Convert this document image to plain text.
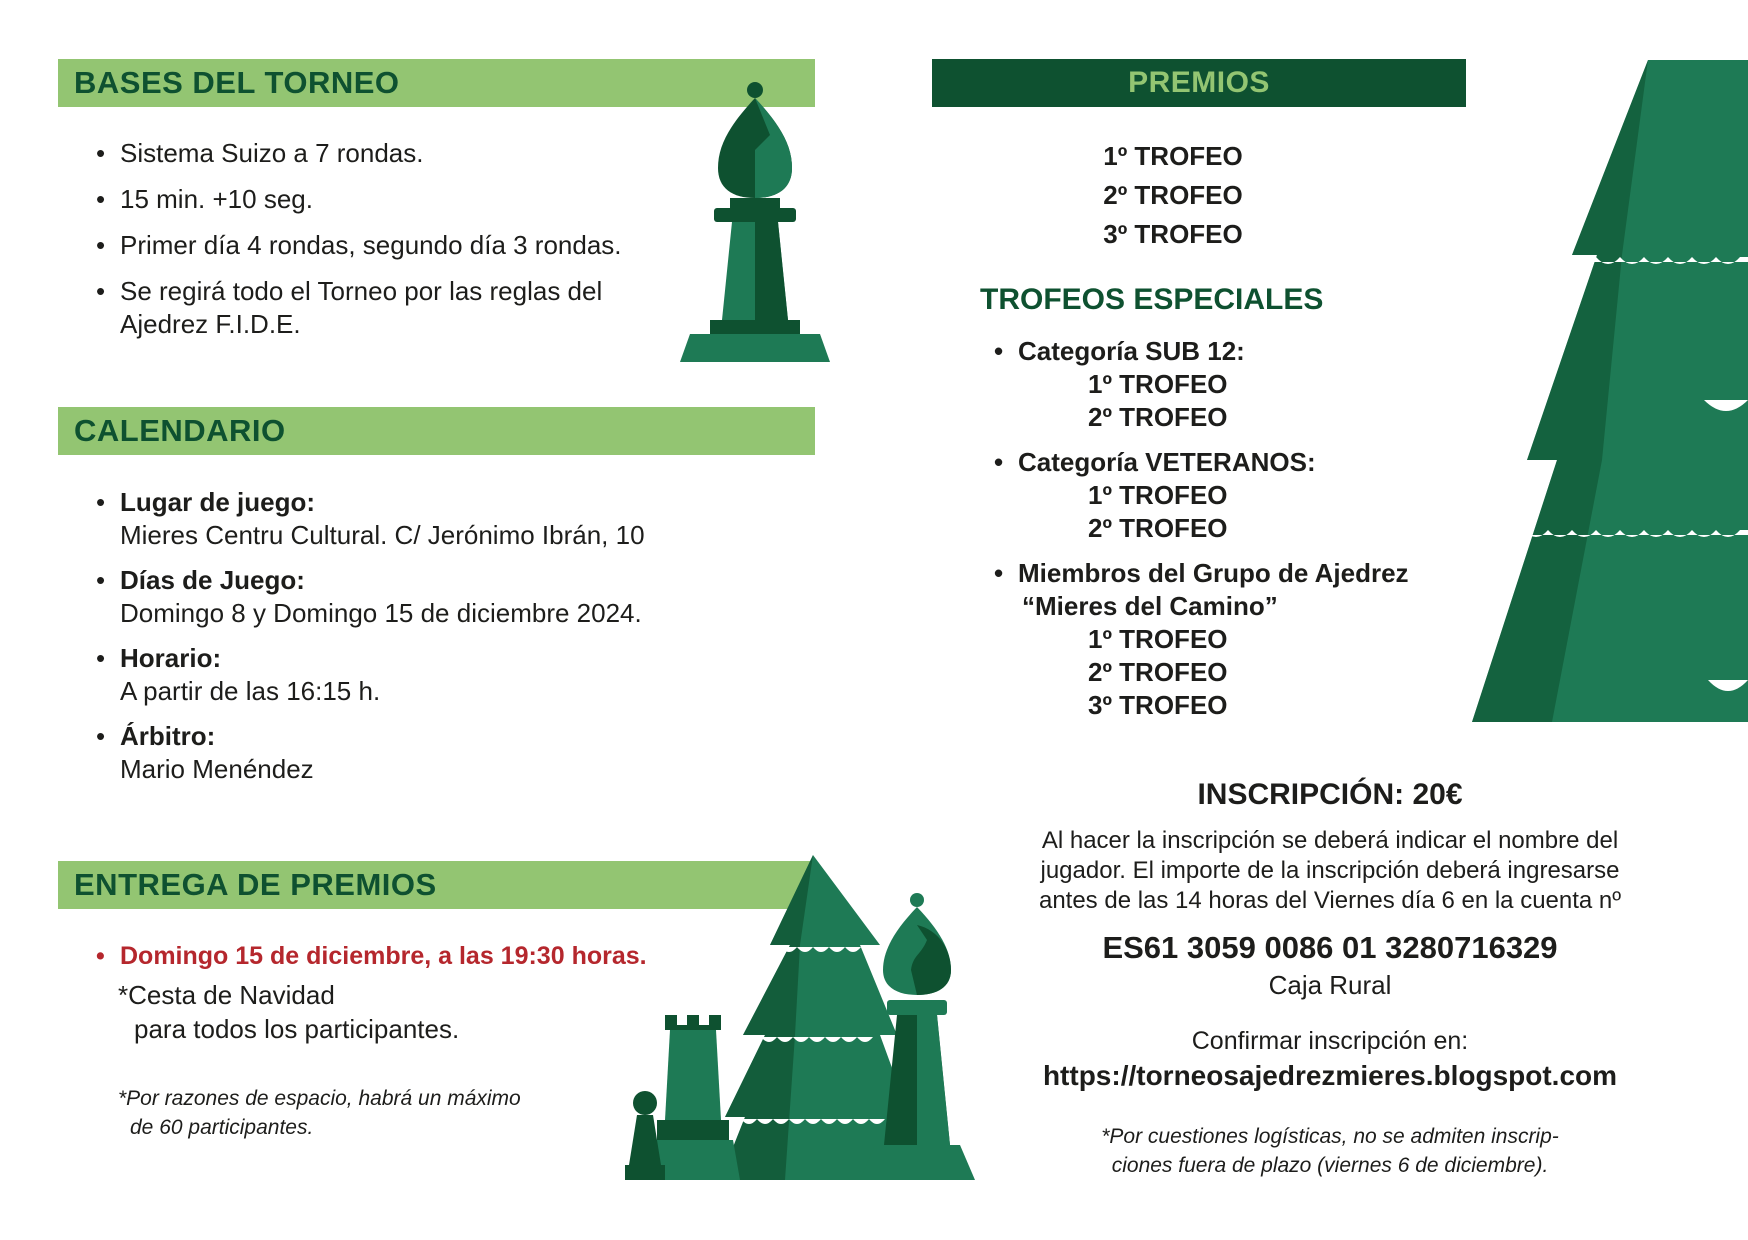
BASES DEL TORNEO
• Sistema Suizo a 7 rondas.
• 15 min. +10 seg.
• Primer día 4 rondas, segundo día 3 rondas.
• Se regirá todo el Torneo por las reglas del Ajedrez F.I.D.E.
CALENDARIO
• Lugar de juego:
Mieres Centru Cultural. C/ Jerónimo Ibrán, 10
• Días de Juego:
Domingo 8 y Domingo 15 de diciembre 2024.
• Horario:
A partir de las 16:15 h.
• Árbitro:
Mario Menéndez
ENTREGA DE PREMIOS
• Domingo 15 de diciembre, a las 19:30 horas.
*Cesta de Navidad
para todos los participantes.
*Por razones de espacio, habrá un máximo
de 60 participantes.
PREMIOS
1º TROFEO
2º TROFEO
3º TROFEO
TROFEOS ESPECIALES
• Categoría SUB 12:
1º TROFEO
2º TROFEO
• Categoría VETERANOS:
1º TROFEO
2º TROFEO
• Miembros del Grupo de Ajedrez
“Mieres del Camino”
1º TROFEO
2º TROFEO
3º TROFEO
INSCRIPCIÓN: 20€
Al hacer la inscripción se deberá indicar el nombre del
jugador. El importe de la inscripción deberá ingresarse
antes de las 14 horas del Viernes día 6 en la cuenta nº
ES61 3059 0086 01 3280716329
Caja Rural
Confirmar inscripción en:
https://torneosajedrezmieres.blogspot.com
*Por cuestiones logísticas, no se admiten inscrip-
ciones fuera de plazo (viernes 6 de diciembre).
